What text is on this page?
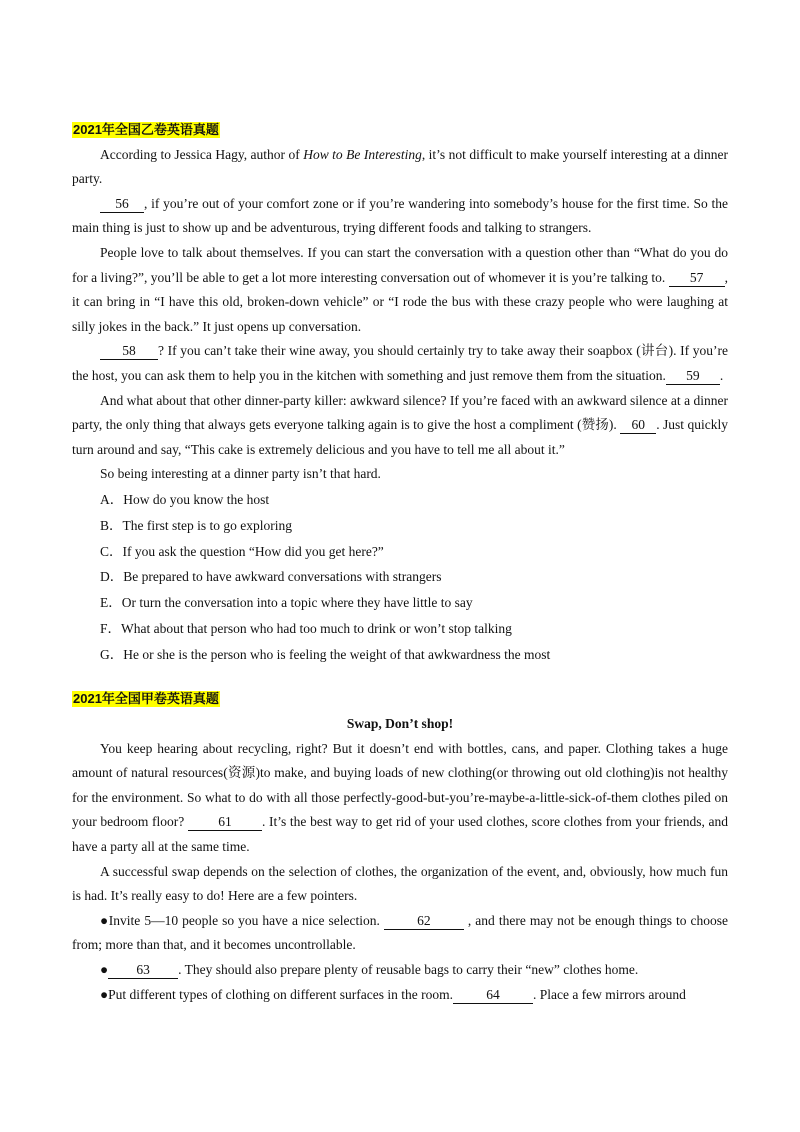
2021年全国乙卷英语真题

According to Jessica Hagy, author of How to Be Interesting, it’s not difficult to make yourself interesting at a dinner party.

56 , if you’re out of your comfort zone or if you’re wandering into somebody’s house for the first time. So the main thing is just to show up and be adventurous, trying different foods and talking to strangers.

People love to talk about themselves. If you can start the conversation with a question other than “What do you do for a living?”, you’ll be able to get a lot more interesting conversation out of whomever it is you’re talking to. 57 , it can bring in “I have this old, broken-down vehicle” or “I rode the bus with these crazy people who were laughing at silly jokes in the back.” It just opens up conversation.

58 ? If you can’t take their wine away, you should certainly try to take away their soapbox (讲台). If you’re the host, you can ask them to help you in the kitchen with something and just remove them from the situation. 59 .

And what about that other dinner-party killer: awkward silence? If you’re faced with an awkward silence at a dinner party, the only thing that always gets everyone talking again is to give the host a compliment (赞扬). 60 . Just quickly turn around and say, “This cake is extremely delicious and you have to tell me all about it.”

So being interesting at a dinner party isn’t that hard.

A．How do you know the host
B．The first step is to go exploring
C．If you ask the question “How did you get here?”
D．Be prepared to have awkward conversations with strangers
E．Or turn the conversation into a topic where they have little to say
F．What about that person who had too much to drink or won’t stop talking
G．He or she is the person who is feeling the weight of that awkwardness the most
2021年全国甲卷英语真题

Swap, Don’t shop!

You keep hearing about recycling, right? But it doesn’t end with bottles, cans, and paper. Clothing takes a huge amount of natural resources(资源)to make, and buying loads of new clothing(or throwing out old clothing)is not healthy for the environment. So what to do with all those perfectly-good-but-you’re-maybe-a-little-sick-of-them clothes piled on your bedroom floor? 61 . It’s the best way to get rid of your used clothes, score clothes from your friends, and have a party all at the same time.

A successful swap depends on the selection of clothes, the organization of the event, and, obviously, how much fun is had. It’s really easy to do! Here are a few pointers.

●Invite 5—10 people so you have a nice selection. 62 , and there may not be enough things to choose from; more than that, and it becomes uncontrollable.

● 63 . They should also prepare plenty of reusable bags to carry their “new” clothes home.

●Put different types of clothing on different surfaces in the room. 64 . Place a few mirrors around
